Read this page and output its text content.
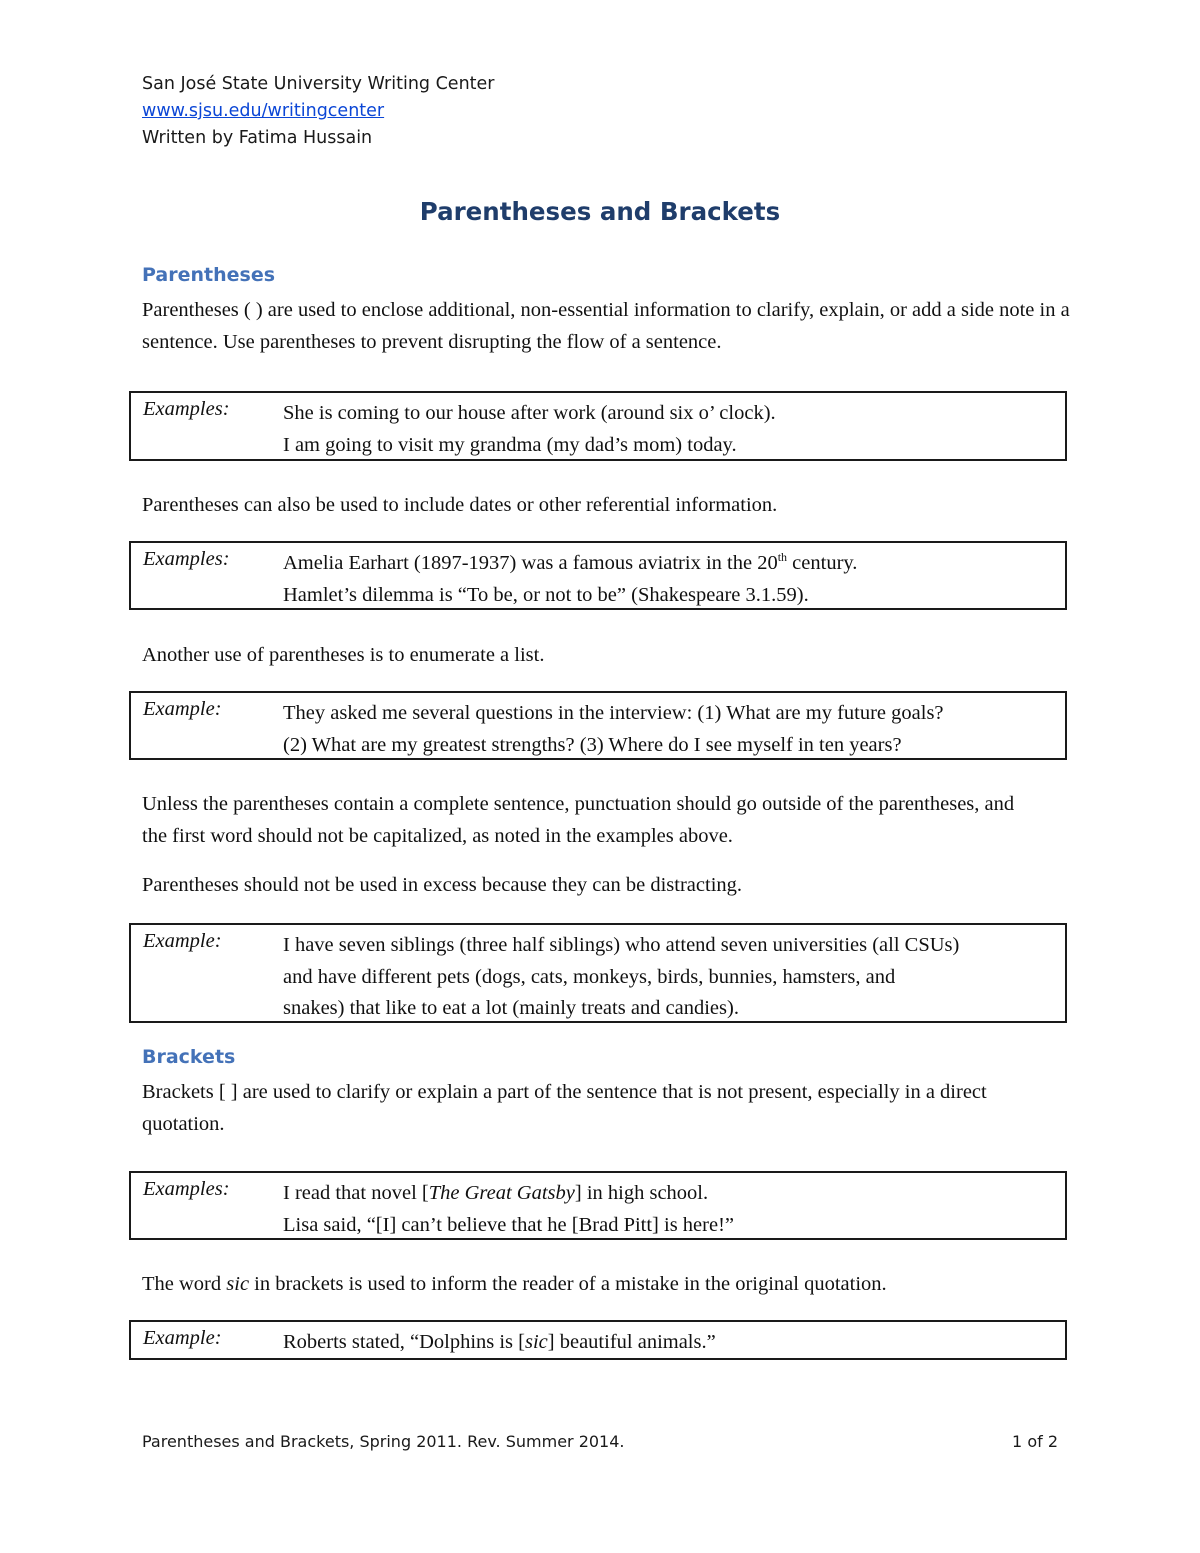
San José State University Writing Center
www.sjsu.edu/writingcenter
Written by Fatima Hussain
Parentheses and Brackets
Parentheses
Parentheses ( ) are used to enclose additional, non-essential information to clarify, explain, or add a side note in a sentence. Use parentheses to prevent disrupting the flow of a sentence.
Examples:	She is coming to our house after work (around six o’ clock).
I am going to visit my grandma (my dad’s mom) today.
Parentheses can also be used to include dates or other referential information.
Examples:	Amelia Earhart (1897-1937) was a famous aviatrix in the 20th century.
Hamlet’s dilemma is “To be, or not to be” (Shakespeare 3.1.59).
Another use of parentheses is to enumerate a list.
Example:	They asked me several questions in the interview: (1) What are my future goals?
(2) What are my greatest strengths? (3) Where do I see myself in ten years?
Unless the parentheses contain a complete sentence, punctuation should go outside of the parentheses, and the first word should not be capitalized, as noted in the examples above.
Parentheses should not be used in excess because they can be distracting.
Example:	I have seven siblings (three half siblings) who attend seven universities (all CSUs)
and have different pets (dogs, cats, monkeys, birds, bunnies, hamsters, and
snakes) that like to eat a lot (mainly treats and candies).
Brackets
Brackets [ ] are used to clarify or explain a part of the sentence that is not present, especially in a direct quotation.
Examples:	I read that novel [The Great Gatsby] in high school.
Lisa said, “[I] can’t believe that he [Brad Pitt] is here!”
The word sic in brackets is used to inform the reader of a mistake in the original quotation.
Example:	Roberts stated, “Dolphins is [sic] beautiful animals.”
Parentheses and Brackets, Spring 2011. Rev. Summer 2014.	1 of 2
